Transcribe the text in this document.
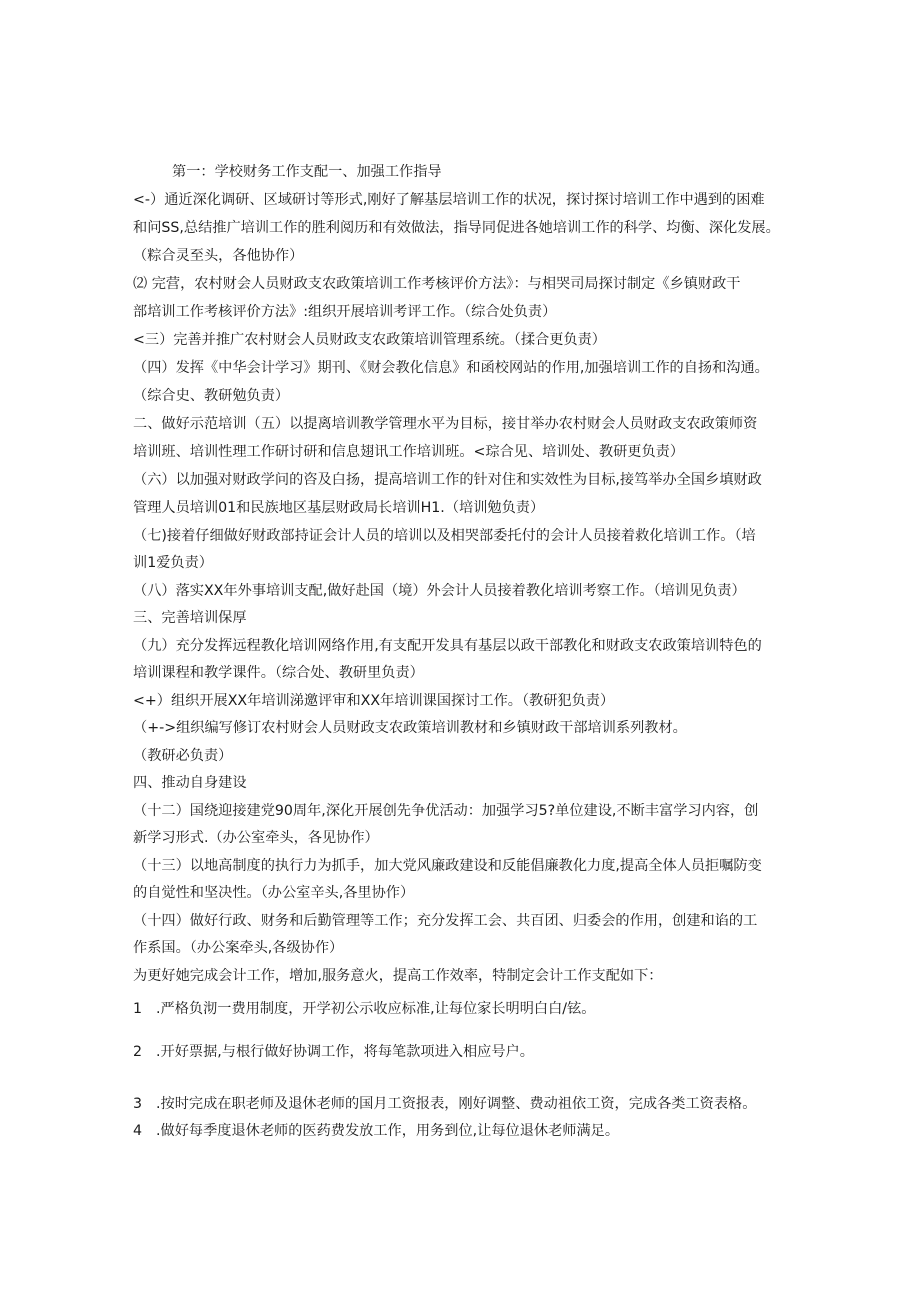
第一：学校财务工作支配一、加强工作指导
<-）通近深化调研、区域研讨等形式,刚好了解基层培训工作的状况，探讨探讨培训工作中遇到的困难
和问SS,总结推广培训工作的胜利阅历和有效做法，指导同促进各她培训工作的科学、均衡、深化发展。
（粽合灵至头，各他协作）
⑵ 完营，农村财会人员财政支农政策培训工作考核评价方法》：与相哭司局探讨制定《乡镇财政干
部培训工作考核评价方法》:组织开展培训考评工作。（综合处负责）
<三）完善并推广农村财会人员财政支农政策培训管理系统。（揉合更负责）
（四）发挥《中华会计学习》期刊、《财会教化信息》和函校网站的作用,加强培训工作的自扬和沟通。
（综合史、教研勉负责）
二、做好示范培训（五）以提离培训教学管理水平为目标，接甘举办农村财会人员财政支农政策师资
培训班、培训性理工作研讨研和信息翅讯工作培训班。<琮合见、培训处、教研更负责）
（六）以加强对财政学问的咨及白扬，提高培训工作的针对住和实效性为目标,接笃举办全国乡填财政
管理人员培训01和民族地区基层财政局长培训H1.（培训勉负责）
（七)接着仔细做好财政部持证会计人员的培训以及相哭部委托付的会计人员接着救化培训工作。（培
训1爱负责）
（八）落实XX年外事培训支配,做好赴国（境）外会计人员接着教化培训考察工作。（培训见负责）
三、完善培训保厚
（九）充分发挥远程教化培训网络作用,有支配开发具有基层以政干部教化和财政支农政策培训特色的
培训课程和教学课件。（综合处、教研里负责）
<+）组织开展XX年培训涕邀评审和XX年培训课国探讨工作。（教研犯负责）
（+->组织编写修订农村财会人员财政支农政策培训教材和乡镇财政干部培训系列教材。
（教研必负责）
四、推动自身建设
（十二）国绕迎接建党90周年,深化开展创先争优活动：加强学习5?单位建设,不断丰富学习内容，创
新学习形式.（办公室牵头，各见协作）
（十三）以地高制度的执行力为抓手，加大党风廉政建设和反能倡廉教化力度,提高全体人员拒嘱防变
的自觉性和坚决性。（办公室辛头,各里协作）
（十四）做好行政、财务和后勤管理等工作；充分发挥工会、共百团、归委会的作用，创建和谄的工
作系国。（办公案牵头,各级协作）
为更好她完成会计工作，增加,服务意火，提高工作效率，特制定会计工作支配如下：
1 .严格负沏一费用制度，开学初公示收应标准,让每位家长明明白白/铉。
2 .开好票据,与根行做好协调工作，将每笔款项进入相应号户。
3 .按时完成在职老师及退休老师的国月工资报表，刚好调整、费动祖依工资，完成各类工资表格。
4 .做好每季度退休老师的医药费发放工作，用务到位,让每位退休老师满足。
